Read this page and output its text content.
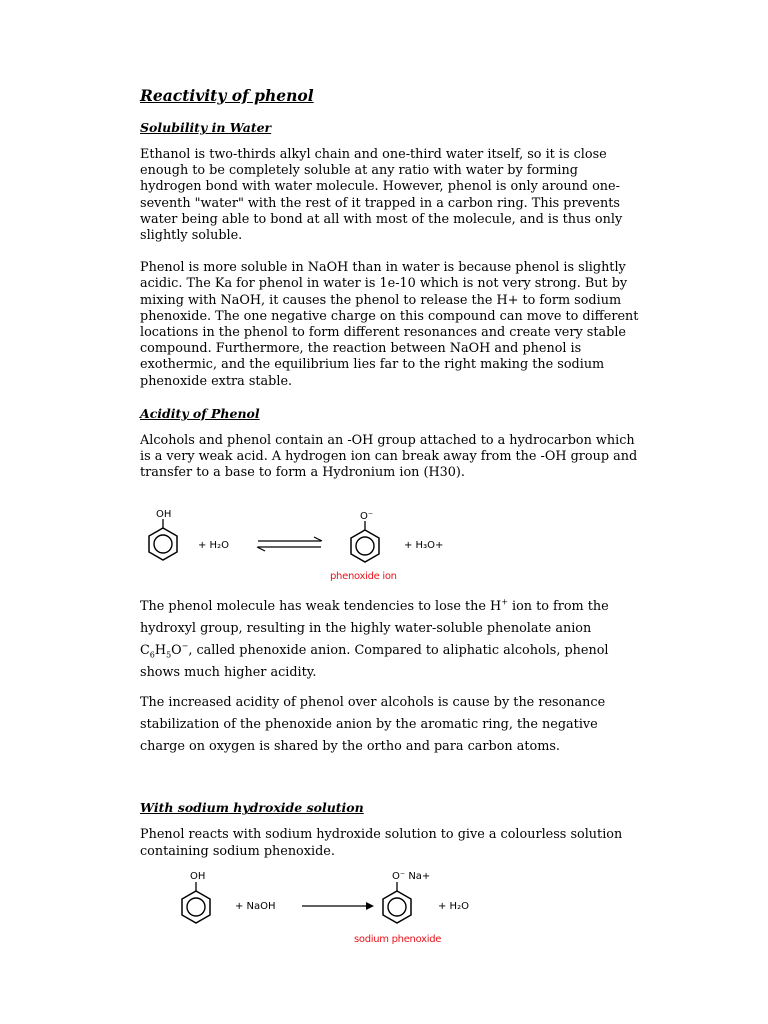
Reactivity of phenol
Solubility in Water

Ethanol is two-thirds alkyl chain and one-third water itself, so it is close enough to be completely soluble at any ratio with water by forming hydrogen bond with water molecule. However, phenol is only around one-seventh "water" with the rest of it trapped in a carbon ring. This prevents water being able to bond at all with most of the molecule, and is thus only slightly soluble.

Phenol is more soluble in NaOH than in water is because phenol is slightly acidic. The Ka for phenol in water is 1e-10 which is not very strong. But by mixing with NaOH, it causes the phenol to release the H+ to form sodium phenoxide. The one negative charge on this compound can move to different locations in the phenol to form different resonances and create very stable compound. Furthermore, the reaction between NaOH and phenol is exothermic, and the equilibrium lies far to the right making the sodium phenoxide extra stable.

Acidity of Phenol

Alcohols and phenol contain an -OH group attached to a hydrocarbon which is a very weak acid. A hydrogen ion can break away from the -OH group and transfer to a base to form a Hydronium ion (H30).

OH
+ H₂O
O⁻
+ H₃O+
phenoxide ion

The phenol molecule has weak tendencies to lose the H+ ion to from the hydroxyl group, resulting in the highly water-soluble phenolate anion $C_6H_5O^-$, called phenoxide anion. Compared to aliphatic alcohols, phenol shows much higher acidity.

The increased acidity of phenol over alcohols is cause by the resonance stabilization of the phenoxide anion by the aromatic ring, the negative charge on oxygen is shared by the ortho and para carbon atoms.

With sodium hydroxide solution

Phenol reacts with sodium hydroxide solution to give a colourless solution containing sodium phenoxide.

OH
+ NaOH
O⁻ Na+
+ H₂O
sodium phenoxide
